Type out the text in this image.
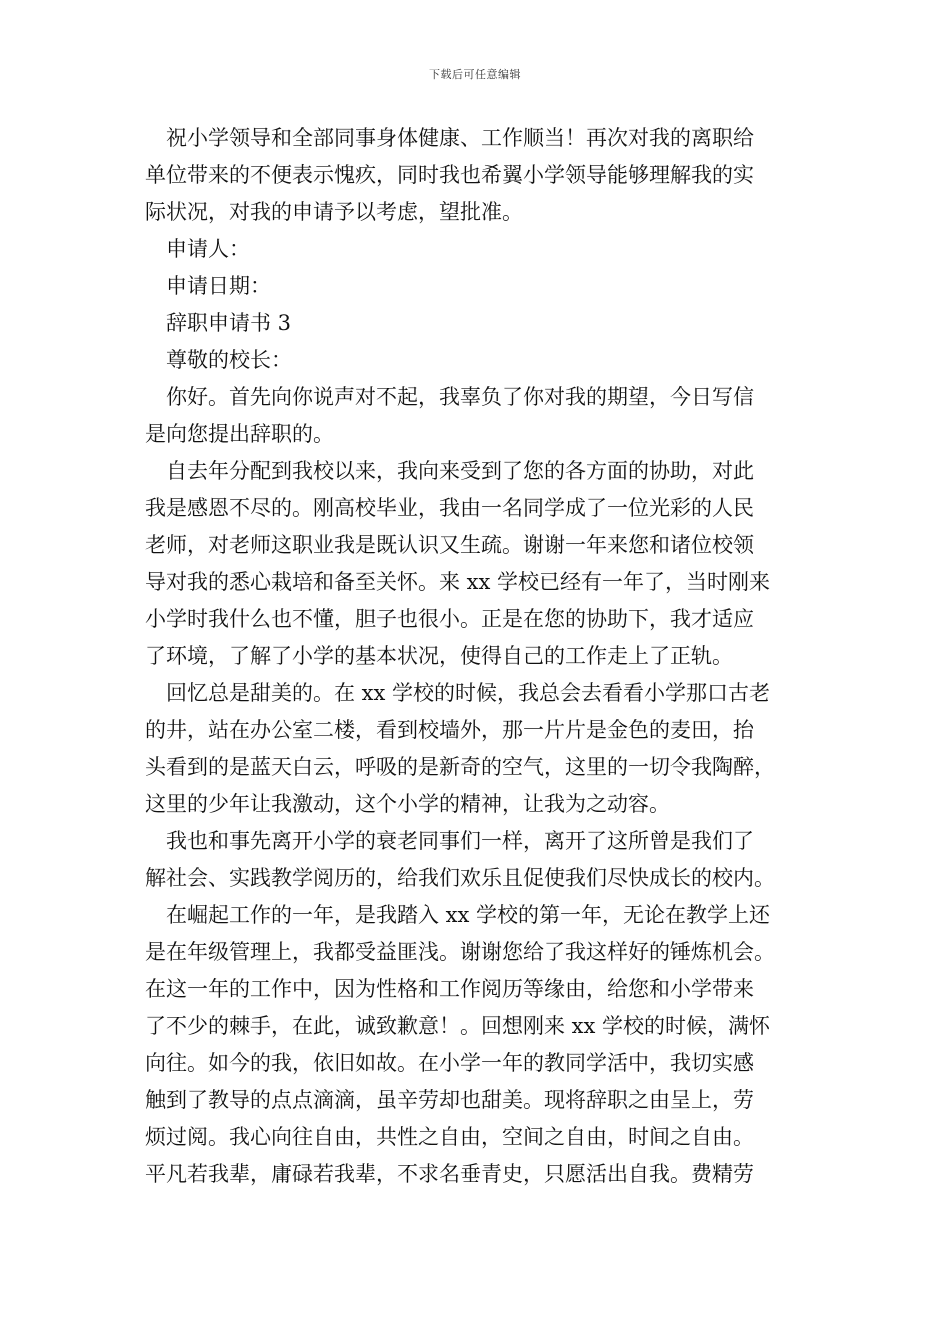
下载后可任意编辑
祝小学领导和全部同事身体健康、工作顺当！再次对我的离职给
单位带来的不便表示愧疚，同时我也希翼小学领导能够理解我的实
际状况，对我的申请予以考虑，望批准。
申请人：
申请日期：
辞职申请书 3
尊敬的校长：
你好。首先向你说声对不起，我辜负了你对我的期望，今日写信
是向您提出辞职的。
自去年分配到我校以来，我向来受到了您的各方面的协助，对此
我是感恩不尽的。刚高校毕业，我由一名同学成了一位光彩的人民
老师，对老师这职业我是既认识又生疏。谢谢一年来您和诸位校领
导对我的悉心栽培和备至关怀。来 xx 学校已经有一年了，当时刚来
小学时我什么也不懂，胆子也很小。正是在您的协助下，我才适应
了环境，了解了小学的基本状况，使得自己的工作走上了正轨。
回忆总是甜美的。在 xx 学校的时候，我总会去看看小学那口古老
的井，站在办公室二楼，看到校墙外，那一片片是金色的麦田，抬
头看到的是蓝天白云，呼吸的是新奇的空气，这里的一切令我陶醉，
这里的少年让我激动，这个小学的精神，让我为之动容。
我也和事先离开小学的衰老同事们一样，离开了这所曾是我们了
解社会、实践教学阅历的，给我们欢乐且促使我们尽快成长的校内。
在崛起工作的一年，是我踏入 xx 学校的第一年，无论在教学上还
是在年级管理上，我都受益匪浅。谢谢您给了我这样好的锤炼机会。
在这一年的工作中，因为性格和工作阅历等缘由，给您和小学带来
了不少的棘手，在此，诚致歉意！。回想刚来 xx 学校的时候，满怀
向往。如今的我，依旧如故。在小学一年的教同学活中，我切实感
触到了教导的点点滴滴，虽辛劳却也甜美。现将辞职之由呈上，劳
烦过阅。我心向往自由，共性之自由，空间之自由，时间之自由。
平凡若我辈，庸碌若我辈，不求名垂青史，只愿活出自我。费精劳
